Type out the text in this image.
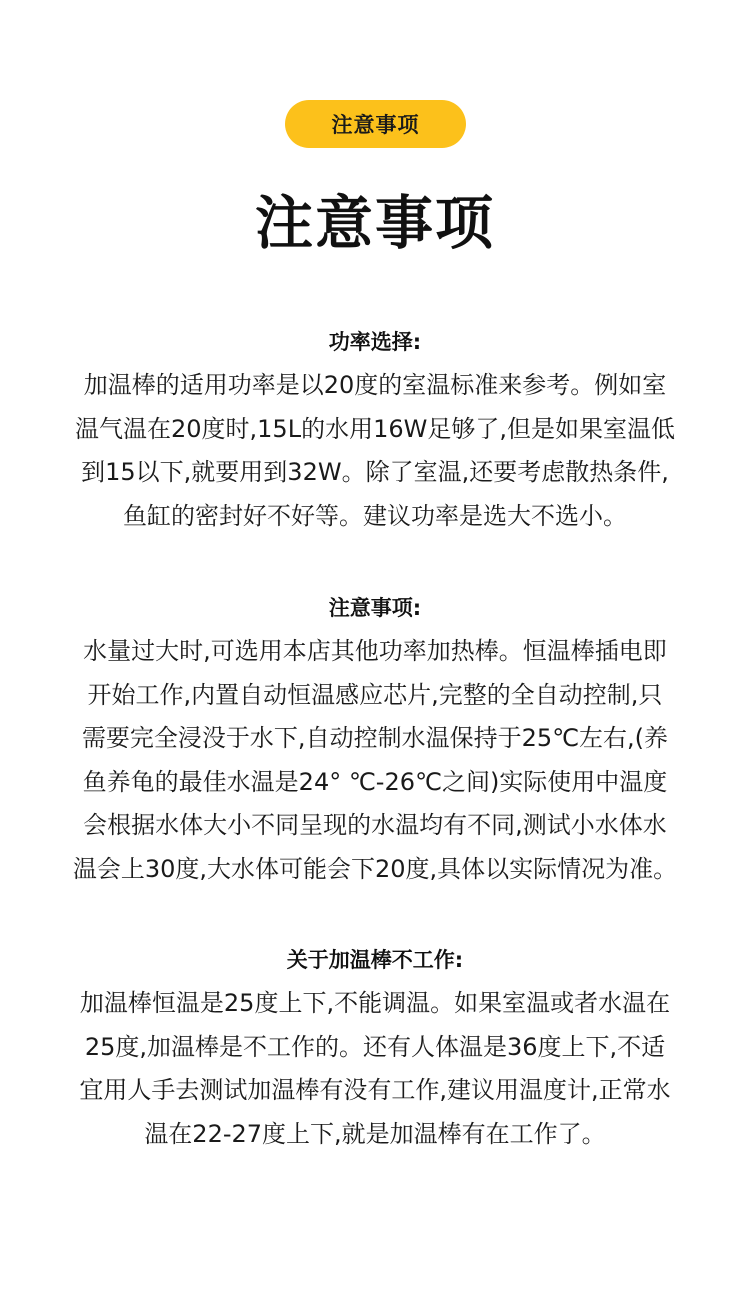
注意事项
注意事项

功率选择:

加温棒的适用功率是以20度的室温标准来参考。例如室

温气温在20度时,15L的水用16W足够了,但是如果室温低

到15以下,就要用到32W。除了室温,还要考虑散热条件,

鱼缸的密封好不好等。建议功率是选大不选小。

注意事项:

水量过大时,可选用本店其他功率加热棒。恒温棒插电即

开始工作,内置自动恒温感应芯片,完整的全自动控制,只

需要完全浸没于水下,自动控制水温保持于25℃左右,(养

鱼养龟的最佳水温是24° ℃-26℃之间)实际使用中温度

会根据水体大小不同呈现的水温均有不同,测试小水体水

温会上30度,大水体可能会下20度,具体以实际情况为准。

关于加温棒不工作:

加温棒恒温是25度上下,不能调温。如果室温或者水温在

25度,加温棒是不工作的。还有人体温是36度上下,不适

宜用人手去测试加温棒有没有工作,建议用温度计,正常水

温在22-27度上下,就是加温棒有在工作了。
